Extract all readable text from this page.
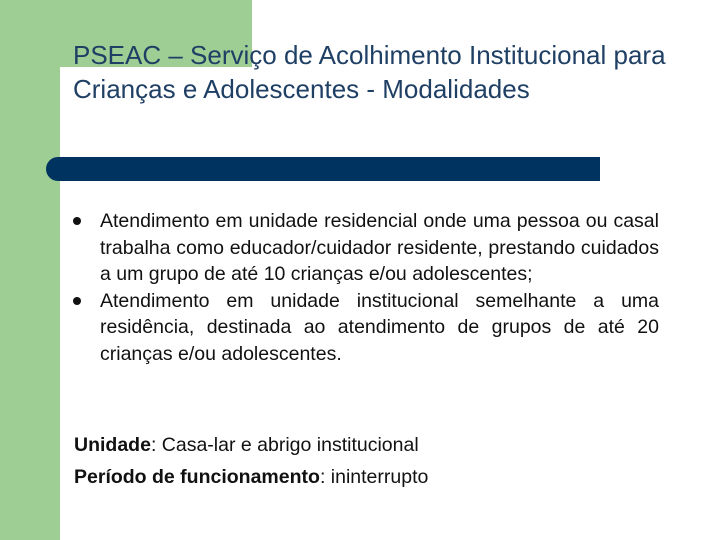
PSEAC – Serviço de Acolhimento Institucional para Crianças e Adolescentes - Modalidades
Atendimento em unidade residencial onde uma pessoa ou casal trabalha como educador/cuidador residente, prestando cuidados a um grupo de até 10 crianças e/ou adolescentes;
Atendimento em unidade institucional semelhante a uma residência, destinada ao atendimento de grupos de até 20 crianças e/ou adolescentes.
Unidade: Casa-lar e abrigo institucional
Período de funcionamento: ininterrupto
